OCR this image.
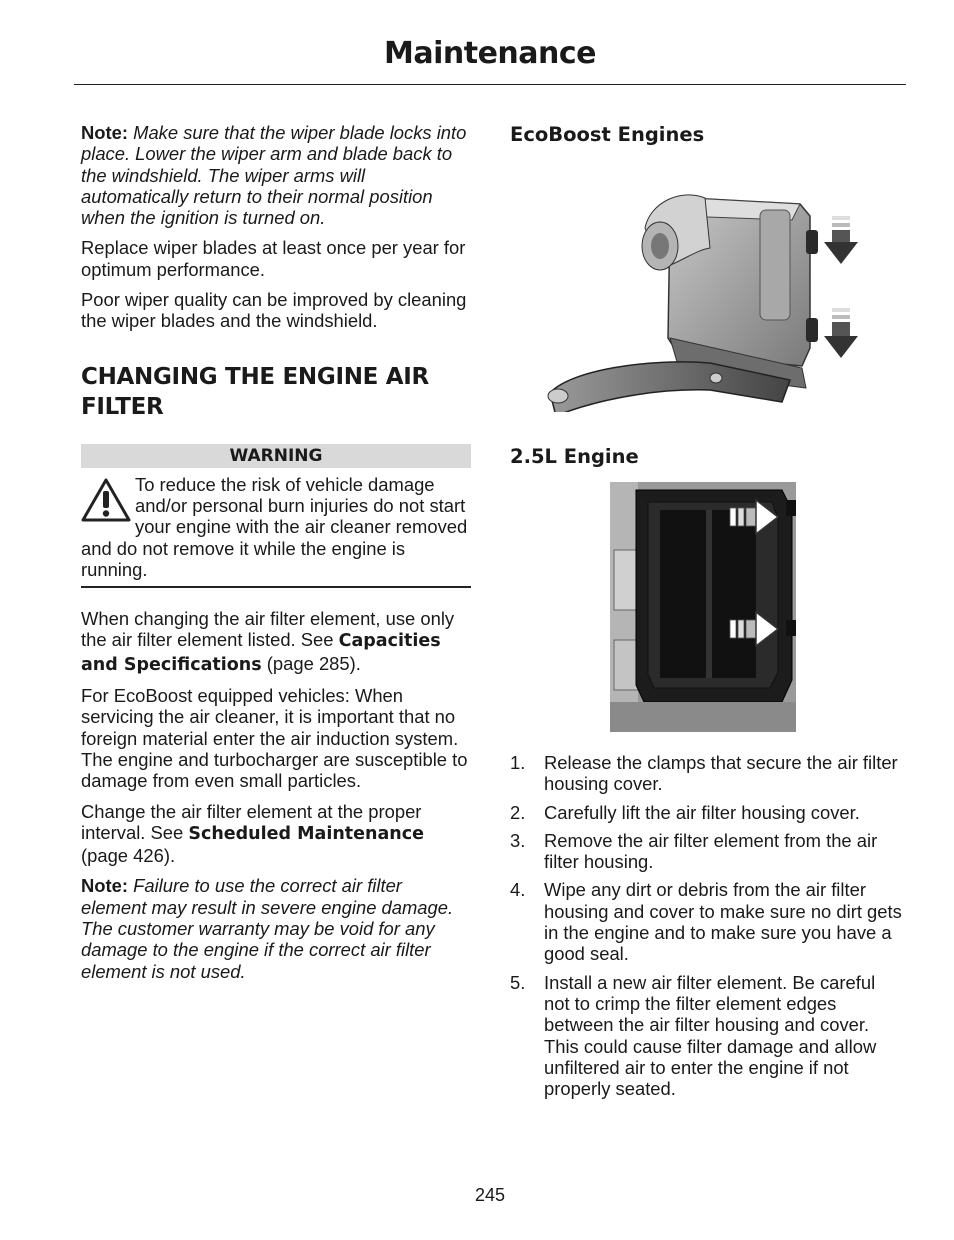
Maintenance

Note: Make sure that the wiper blade locks into place. Lower the wiper arm and blade back to the windshield. The wiper arms will automatically return to their normal position when the ignition is turned on.

Replace wiper blades at least once per year for optimum performance.

Poor wiper quality can be improved by cleaning the wiper blades and the windshield.

CHANGING THE ENGINE AIR FILTER
WARNING
To reduce the risk of vehicle damage and/or personal burn injuries do not start your engine with the air cleaner removed and do not remove it while the engine is running.

When changing the air filter element, use only the air filter element listed. See Capacities and Specifications (page 285).

For EcoBoost equipped vehicles: When servicing the air cleaner, it is important that no foreign material enter the air induction system. The engine and turbocharger are susceptible to damage from even small particles.

Change the air filter element at the proper interval. See Scheduled Maintenance (page 426).

Note: Failure to use the correct air filter element may result in severe engine damage. The customer warranty may be void for any damage to the engine if the correct air filter element is not used.

EcoBoost Engines
2.5L Engine
1. Release the clamps that secure the air filter housing cover.
2. Carefully lift the air filter housing cover.
3. Remove the air filter element from the air filter housing.
4. Wipe any dirt or debris from the air filter housing and cover to make sure no dirt gets in the engine and to make sure you have a good seal.
5. Install a new air filter element. Be careful not to crimp the filter element edges between the air filter housing and cover. This could cause filter damage and allow unfiltered air to enter the engine if not properly seated.
245
